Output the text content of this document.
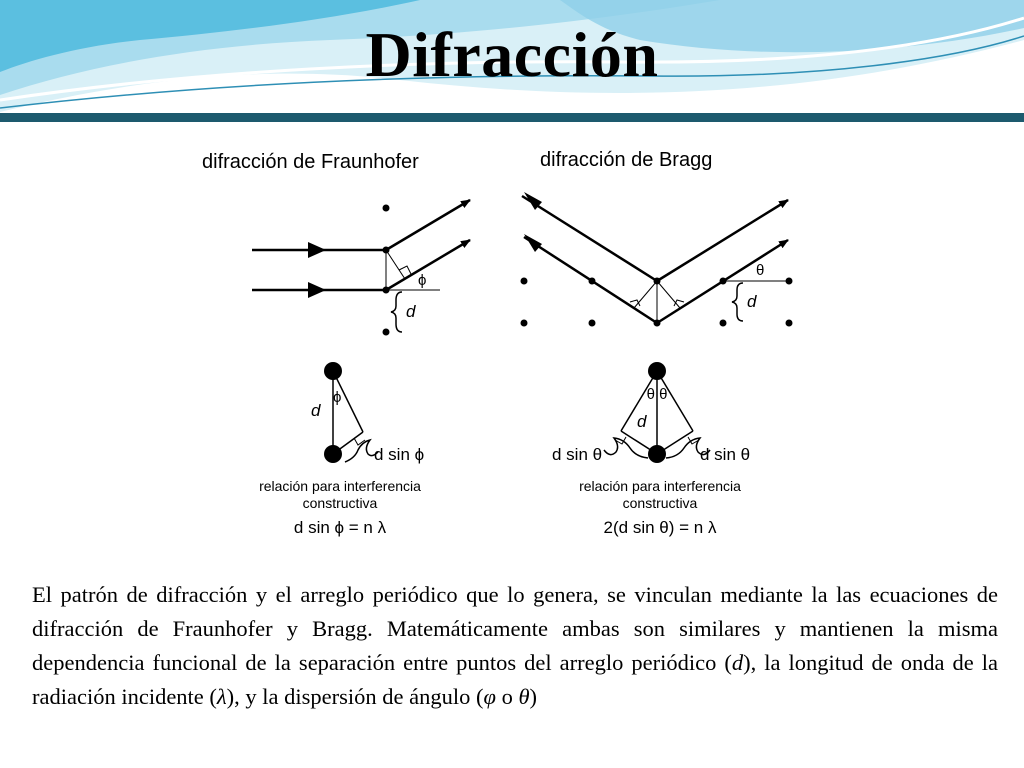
Difracción
difracción de Fraunhofer
ϕ
d
ϕ
d
d sin ϕ
relación para interferencia
constructiva
d sin ϕ = n λ
difracción de Bragg
θ
d
θ θ
d
d sin θ	d sin θ
relación para interferencia
constructiva
2(d sin θ) = n λ

El patrón de difracción y el arreglo periódico que lo genera, se vinculan mediante la las ecuaciones de difracción de Fraunhofer y Bragg. Matemáticamente ambas son similares y mantienen la misma dependencia funcional de la separación entre puntos del arreglo periódico (d), la longitud de onda de la radiación incidente (λ), y la dispersión de ángulo (φ o θ)
